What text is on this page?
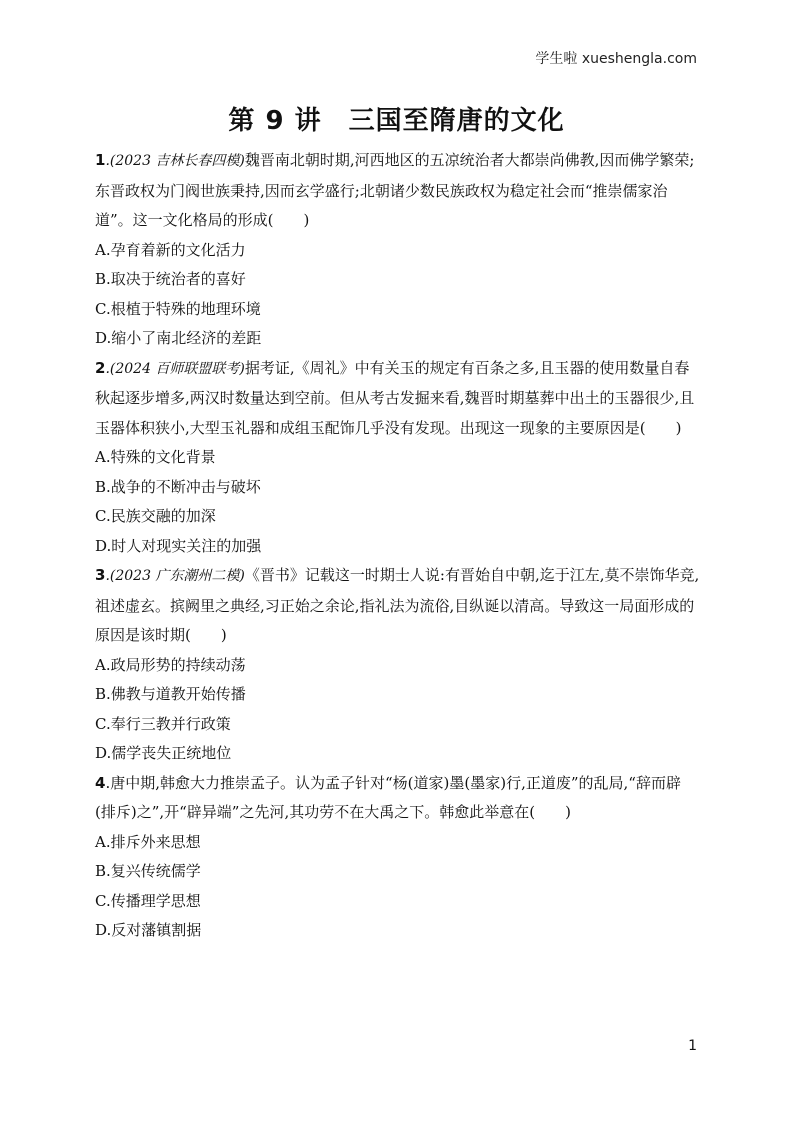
学生啦 xueshengla.com
第 9 讲　三国至隋唐的文化

1.(2023 吉林长春四模)魏晋南北朝时期,河西地区的五凉统治者大都崇尚佛教,因而佛学繁荣;东晋政权为门阀世族秉持,因而玄学盛行;北朝诸少数民族政权为稳定社会而“推崇儒家治道”。这一文化格局的形成(　　)

A.孕育着新的文化活力

B.取决于统治者的喜好

C.根植于特殊的地理环境

D.缩小了南北经济的差距

2.(2024 百师联盟联考)据考证,《周礼》中有关玉的规定有百条之多,且玉器的使用数量自春秋起逐步增多,两汉时数量达到空前。但从考古发掘来看,魏晋时期墓葬中出土的玉器很少,且玉器体积狭小,大型玉礼器和成组玉配饰几乎没有发现。出现这一现象的主要原因是(　　)

A.特殊的文化背景

B.战争的不断冲击与破坏

C.民族交融的加深

D.时人对现实关注的加强

3.(2023 广东潮州二模)《晋书》记载这一时期士人说:有晋始自中朝,迄于江左,莫不崇饰华竞,祖述虚玄。摈阙里之典经,习正始之余论,指礼法为流俗,目纵诞以清高。导致这一局面形成的原因是该时期(　　)

A.政局形势的持续动荡

B.佛教与道教开始传播

C.奉行三教并行政策

D.儒学丧失正统地位

4.唐中期,韩愈大力推崇孟子。认为孟子针对“杨(道家)墨(墨家)行,正道废”的乱局,“辞而辟(排斥)之”,开“辟异端”之先河,其功劳不在大禹之下。韩愈此举意在(　　)

A.排斥外来思想

B.复兴传统儒学

C.传播理学思想

D.反对藩镇割据

1
